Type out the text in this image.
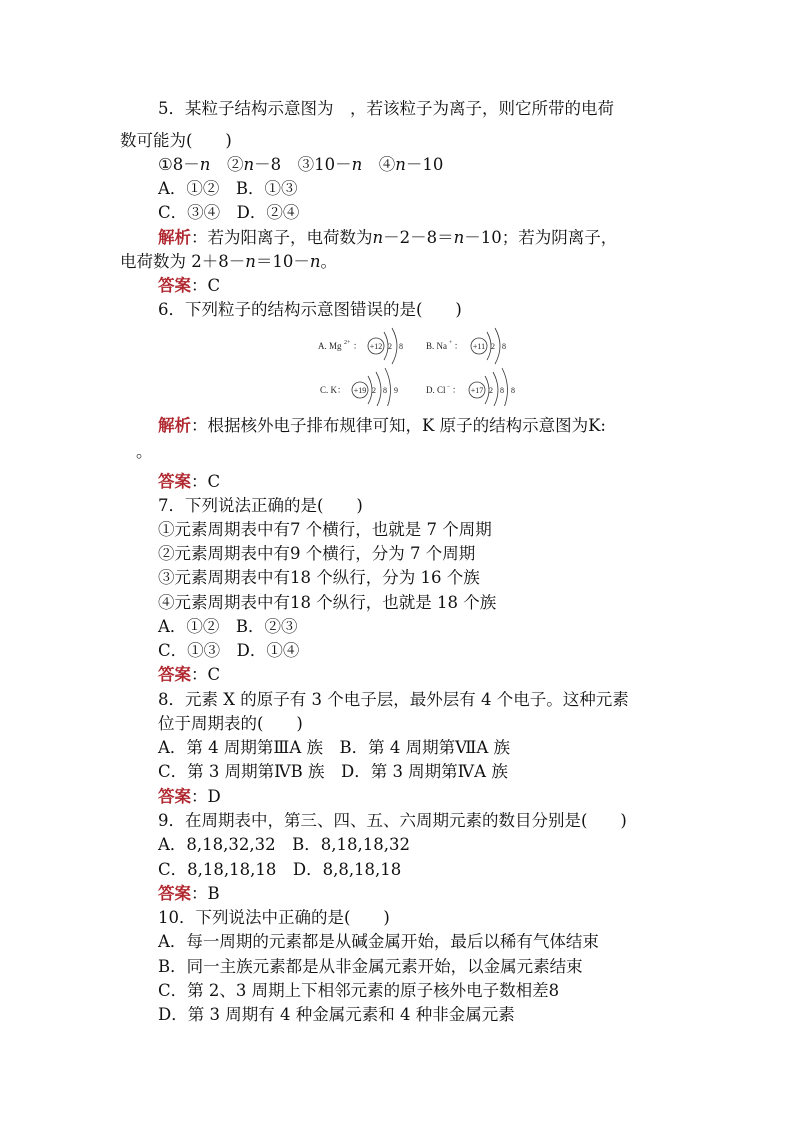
5．某粒子结构示意图为　，若该粒子为离子，则它所带的电荷
数可能为(　　)
①8－n　②n－8　③10－n　④n－10
A．①②　B．①③
C．③④　D．②④
解析：若为阳离子，电荷数为n－2－8＝n－10；若为阴离子，
电荷数为 2＋8－n＝10－n。
答案：C
6．下列粒子的结构示意图错误的是(　　)
A. Mg 2+ ： +12 2 8	B. Na + ： +11 2 8
C. K： +19 2 8 9	D. Cl − ： +17 2 8 8
解析：根据核外电子排布规律可知，K 原子的结构示意图为K:
。
答案：C
7．下列说法正确的是(　　)
①元素周期表中有7 个横行，也就是 7 个周期
②元素周期表中有9 个横行，分为 7 个周期
③元素周期表中有18 个纵行，分为 16 个族
④元素周期表中有18 个纵行，也就是 18 个族
A．①②　B．②③
C．①③　D．①④
答案：C
8．元素 X 的原子有 3 个电子层，最外层有 4 个电子。这种元素
位于周期表的(　　)
A．第 4 周期第ⅢA 族　B．第 4 周期第ⅦA 族
C．第 3 周期第ⅣB 族　D．第 3 周期第ⅣA 族
答案：D
9．在周期表中，第三、四、五、六周期元素的数目分别是(　　)
A．8,18,32,32　B．8,18,18,32
C．8,18,18,18　D．8,8,18,18
答案：B
10．下列说法中正确的是(　　)
A．每一周期的元素都是从碱金属开始，最后以稀有气体结束
B．同一主族元素都是从非金属元素开始，以金属元素结束
C．第 2、3 周期上下相邻元素的原子核外电子数相差8
D．第 3 周期有 4 种金属元素和 4 种非金属元素
